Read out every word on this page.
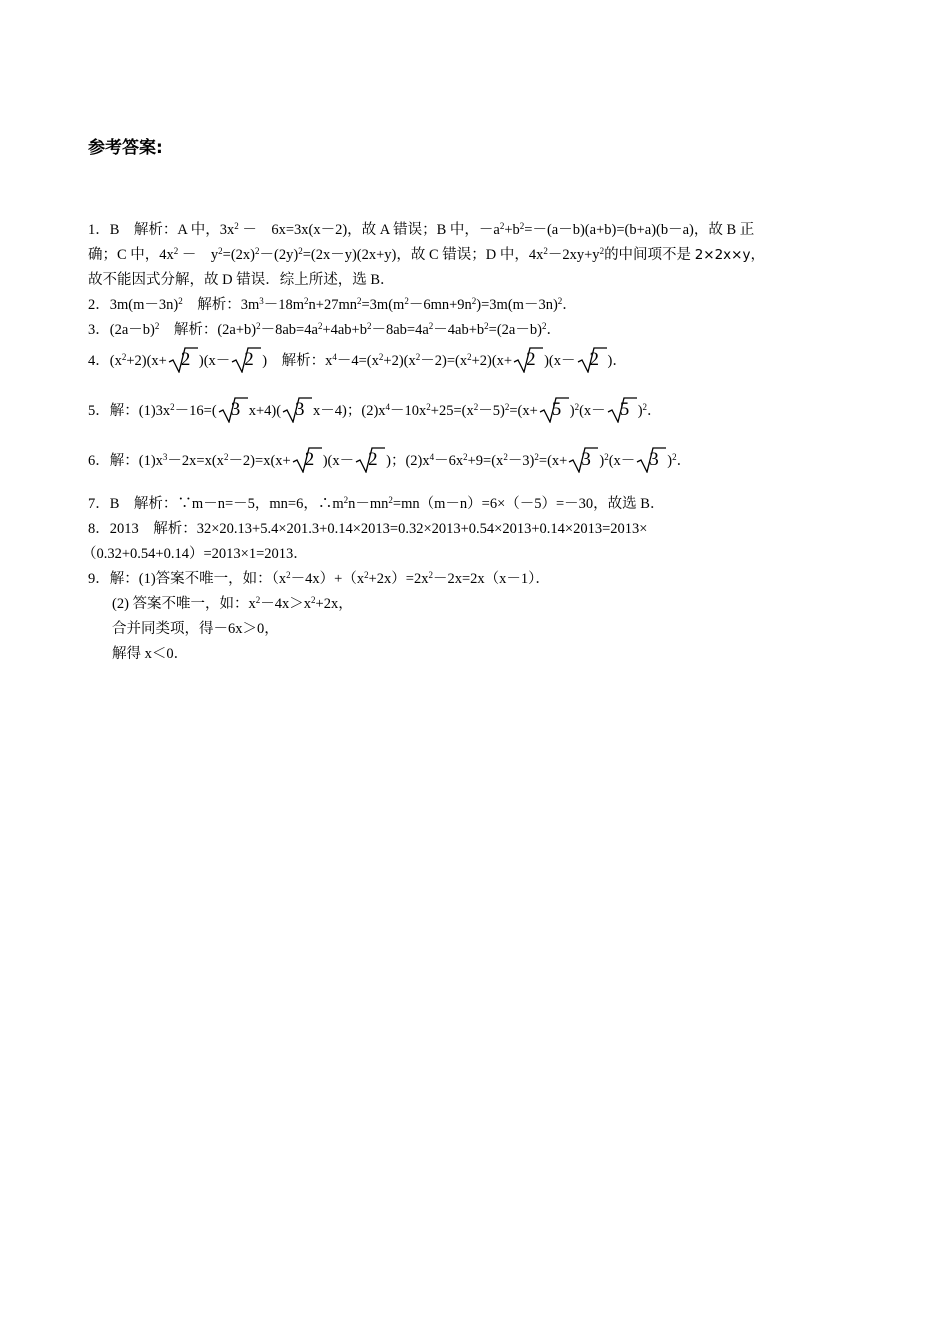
参考答案:
1．B　解析：A 中，$3x^2$ －　6x=3x(x－2)，故 A 错误；B 中，$-a^2+b^2=-(a-b)(a+b)=(b+a)(b-a)$，故 B 正
确；C 中，$4x^2$ －　$y^2=(2x)^2-(2y)^2=(2x-y)(2x+y)$，故 C 错误；D 中，$4x^2-2xy+y^2$的中间项不是 2×2x×y，
故不能因式分解，故 D 错误．综上所述，选 B．
2．$3m(m-3n)^2$　解析：$3m^3-18m^2n+27mn^2=3m(m^2-6mn+9n^2)=3m(m-3n)^2$．
3．$(2a-b)^2$　解析：$(2a+b)^2-8ab=4a^2+4ab+b^2-8ab=4a^2-4ab+b^2=(2a-b)^2$．
4．$(x^2+2)(x+ 2$ )(x－ 2 )　解析：$x^4-4=(x^2+2)(x^2-2)=(x^2+2)(x+ 2$ )(x－ 2 )．
5．解：$(1)3x^2-16=$( 3 x+4)( 3 x－4)；$(2)x^4-10x^2+25=(x^2-5)^2=(x+ 5$ )$^2$(x－ 5 )$^2$．
6．解：$(1)x^3-2x=x(x^2-2)=x(x+ 2$ )(x－ 2 )；$(2)x^4-6x^2+9=(x^2-3)^2=(x+ 3$ )$^2$(x－ 3 )$^2$．
7．B　解析：∵m－n=－5，mn=6，$\therefore m^2n-mn^2=mn(m-n)=6\times(-5)=-30$，故选 B．
8．2013　解析：32×20.13+5.4×201.3+0.14×2013=0.32×2013+0.54×2013+0.14×2013=2013×
（0.32+0.54+0.14）=2013×1=2013．
9．解：(1)答案不唯一，如：$(x^2-4x)+(x^2+2x)=2x^2-2x=2x(x-1)$．
(2) 答案不唯一，如：$x^2-4x>x^2+2x$，
合并同类项，得－6x＞0，
解得 x＜0．
